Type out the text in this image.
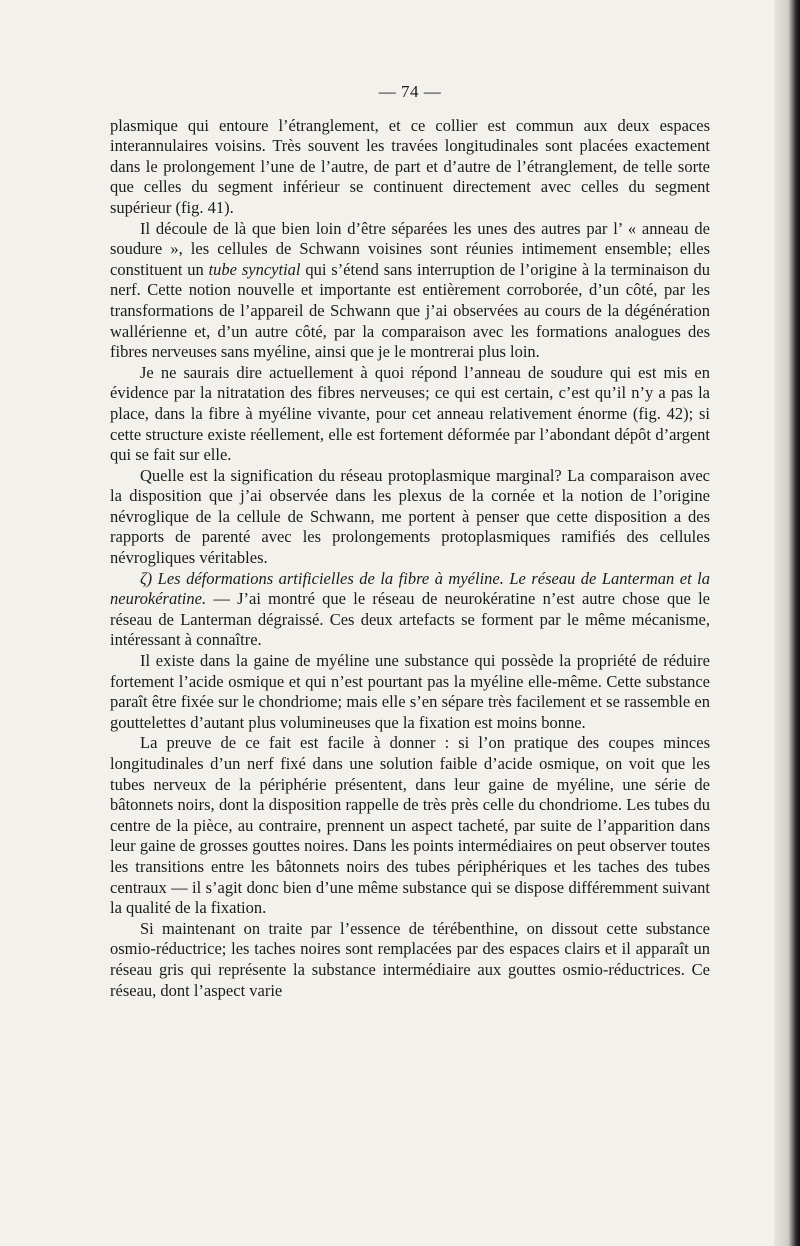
— 74 —

plasmique qui entoure l’étranglement, et ce collier est commun aux deux espaces interannulaires voisins. Très souvent les travées longitudinales sont placées exactement dans le prolongement l’une de l’autre, de part et d’autre de l’étranglement, de telle sorte que celles du segment inférieur se continuent directement avec celles du segment supérieur (fig. 41).

Il découle de là que bien loin d’être séparées les unes des autres par l’ « anneau de soudure », les cellules de Schwann voisines sont réunies intimement ensemble; elles constituent un tube syncytial qui s’étend sans interruption de l’origine à la terminaison du nerf. Cette notion nouvelle et importante est entièrement corroborée, d’un côté, par les transformations de l’appareil de Schwann que j’ai observées au cours de la dégénération wallérienne et, d’un autre côté, par la comparaison avec les formations analogues des fibres nerveuses sans myéline, ainsi que je le montrerai plus loin.

Je ne saurais dire actuellement à quoi répond l’anneau de soudure qui est mis en évidence par la nitratation des fibres nerveuses; ce qui est certain, c’est qu’il n’y a pas la place, dans la fibre à myéline vivante, pour cet anneau relativement énorme (fig. 42); si cette structure existe réellement, elle est fortement déformée par l’abondant dépôt d’argent qui se fait sur elle.

Quelle est la signification du réseau protoplasmique marginal? La comparaison avec la disposition que j’ai observée dans les plexus de la cornée et la notion de l’origine névroglique de la cellule de Schwann, me portent à penser que cette disposition a des rapports de parenté avec les prolongements protoplasmiques ramifiés des cellules névrogliques véritables.

ζ) Les déformations artificielles de la fibre à myéline. Le réseau de Lanterman et la neurokératine. — J’ai montré que le réseau de neurokératine n’est autre chose que le réseau de Lanterman dégraissé. Ces deux artefacts se forment par le même mécanisme, intéressant à connaître.

Il existe dans la gaine de myéline une substance qui possède la propriété de réduire fortement l’acide osmique et qui n’est pourtant pas la myéline elle-même. Cette substance paraît être fixée sur le chondriome; mais elle s’en sépare très facilement et se rassemble en gouttelettes d’autant plus volumineuses que la fixation est moins bonne.

La preuve de ce fait est facile à donner : si l’on pratique des coupes minces longitudinales d’un nerf fixé dans une solution faible d’acide osmique, on voit que les tubes nerveux de la périphérie présentent, dans leur gaine de myéline, une série de bâtonnets noirs, dont la disposition rappelle de très près celle du chondriome. Les tubes du centre de la pièce, au contraire, prennent un aspect tacheté, par suite de l’apparition dans leur gaine de grosses gouttes noires. Dans les points intermédiaires on peut observer toutes les transitions entre les bâtonnets noirs des tubes périphériques et les taches des tubes centraux — il s’agit donc bien d’une même substance qui se dispose différemment suivant la qualité de la fixation.

Si maintenant on traite par l’essence de térébenthine, on dissout cette substance osmio-réductrice; les taches noires sont remplacées par des espaces clairs et il apparaît un réseau gris qui représente la substance intermédiaire aux gouttes osmio-réductrices. Ce réseau, dont l’aspect varie
